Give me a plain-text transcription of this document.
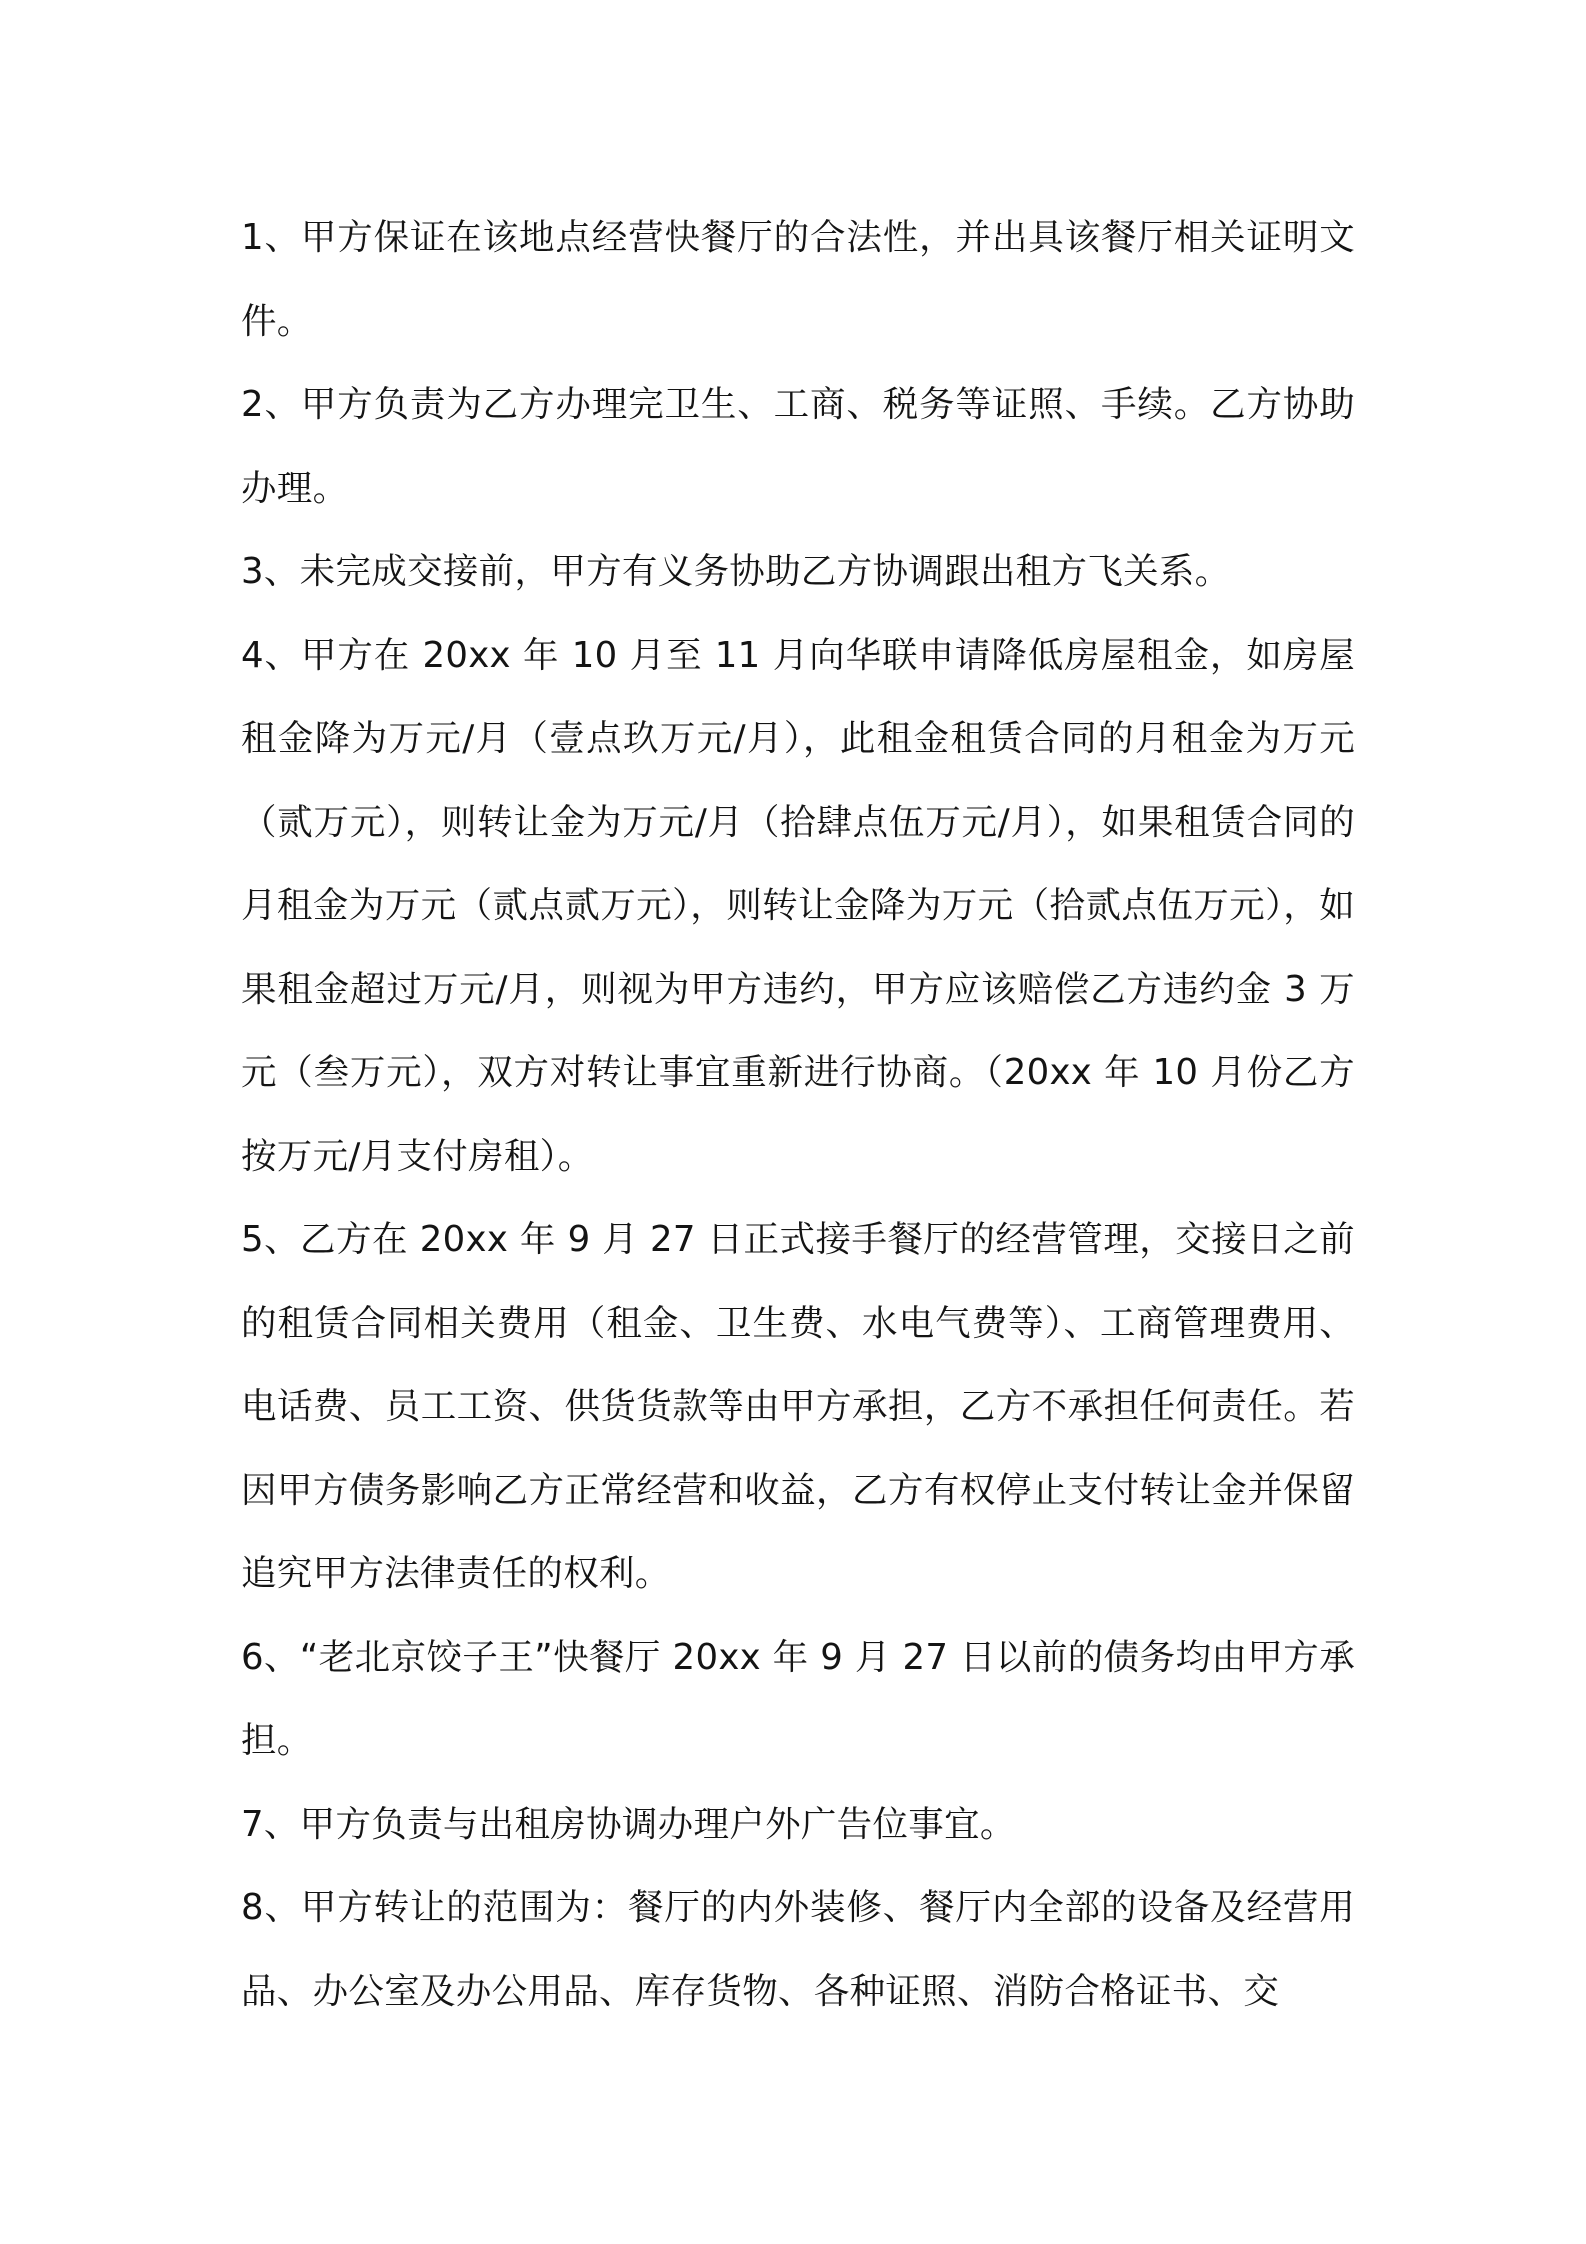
1、甲方保证在该地点经营快餐厅的合法性，并出具该餐厅相关证明文件。

2、甲方负责为乙方办理完卫生、工商、税务等证照、手续。乙方协助办理。

3、未完成交接前，甲方有义务协助乙方协调跟出租方飞关系。

4、甲方在 20xx 年 10 月至 11 月向华联申请降低房屋租金，如房屋租金降为万元/月（壹点玖万元/月），此租金租赁合同的月租金为万元（贰万元），则转让金为万元/月（拾肆点伍万元/月），如果租赁合同的月租金为万元（贰点贰万元），则转让金降为万元（拾贰点伍万元），如果租金超过万元/月，则视为甲方违约，甲方应该赔偿乙方违约金 3 万元（叁万元），双方对转让事宜重新进行协商。（20xx 年 10 月份乙方按万元/月支付房租）。

5、乙方在 20xx 年 9 月 27 日正式接手餐厅的经营管理，交接日之前的租赁合同相关费用（租金、卫生费、水电气费等）、工商管理费用、电话费、员工工资、供货货款等由甲方承担，乙方不承担任何责任。若因甲方债务影响乙方正常经营和收益，乙方有权停止支付转让金并保留追究甲方法律责任的权利。

6、“老北京饺子王”快餐厅 20xx 年 9 月 27 日以前的债务均由甲方承担。

7、甲方负责与出租房协调办理户外广告位事宜。

8、甲方转让的范围为：餐厅的内外装修、餐厅内全部的设备及经营用品、办公室及办公用品、库存货物、各种证照、消防合格证书、交
